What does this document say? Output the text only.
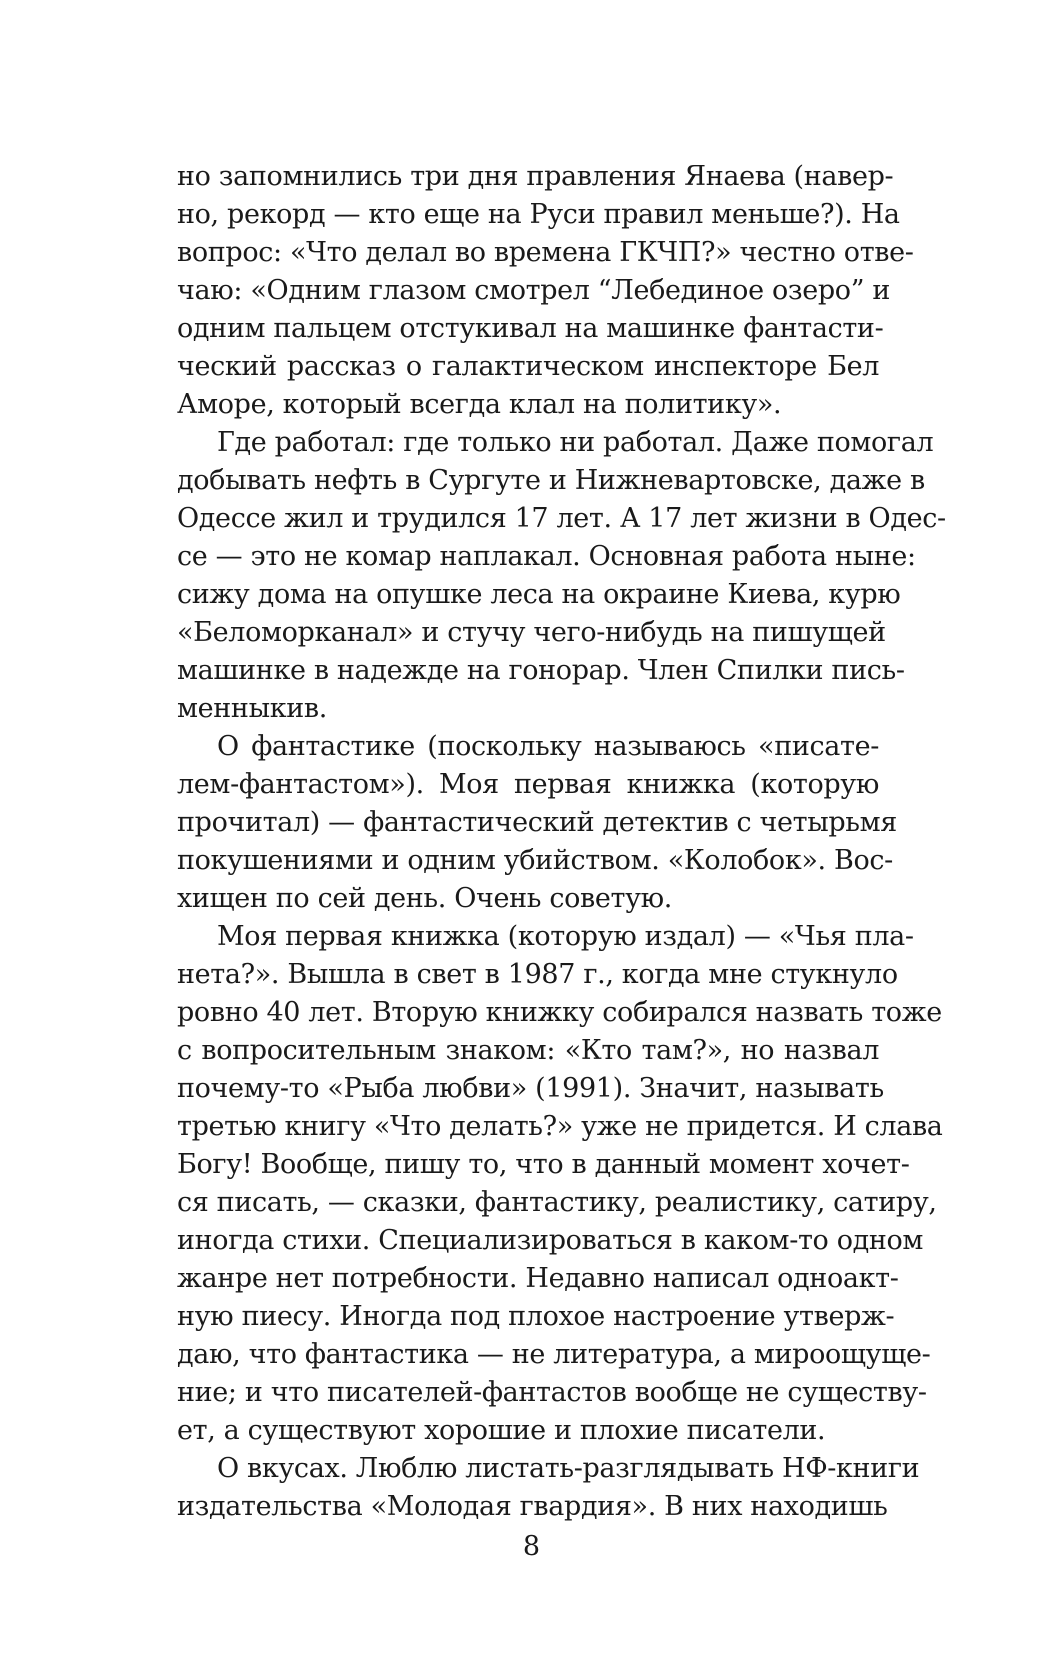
но запомнились три дня правления Янаева (навер-
но, рекорд — кто еще на Руси правил меньше?). На
вопрос: «Что делал во времена ГКЧП?» честно отве-
чаю: «Одним глазом смотрел “Лебединое озеро” и
одним пальцем отстукивал на машинке фантасти-
ческий рассказ о галактическом инспекторе Бел
Аморе, который всегда клал на политику».
Где работал: где только ни работал. Даже помогал
добывать нефть в Сургуте и Нижневартовске, даже в
Одессе жил и трудился 17 лет. А 17 лет жизни в Одес-
се — это не комар наплакал. Основная работа ныне:
сижу дома на опушке леса на окраине Киева, курю
«Беломорканал» и стучу чего-нибудь на пишущей
машинке в надежде на гонорар. Член Спилки пись-
менныкив.
О фантастике (поскольку называюсь «писате-
лем-фантастом»). Моя первая книжка (которую
прочитал) — фантастический детектив с четырьмя
покушениями и одним убийством. «Колобок». Вос-
хищен по сей день. Очень советую.
Моя первая книжка (которую издал) — «Чья пла-
нета?». Вышла в свет в 1987 г., когда мне стукнуло
ровно 40 лет. Вторую книжку собирался назвать тоже
с вопросительным знаком: «Кто там?», но назвал
почему-то «Рыба любви» (1991). Значит, называть
третью книгу «Что делать?» уже не придется. И слава
Богу! Вообще, пишу то, что в данный момент хочет-
ся писать, — сказки, фантастику, реалистику, сатиру,
иногда стихи. Специализироваться в каком-то одном
жанре нет потребности. Недавно написал одноакт-
ную пиесу. Иногда под плохое настроение утверж-
даю, что фантастика — не литература, а мироощуще-
ние; и что писателей-фантастов вообще не существу-
ет, а существуют хорошие и плохие писатели.
О вкусах. Люблю листать-разглядывать НФ-книги
издательства «Молодая гвардия». В них находишь
8
